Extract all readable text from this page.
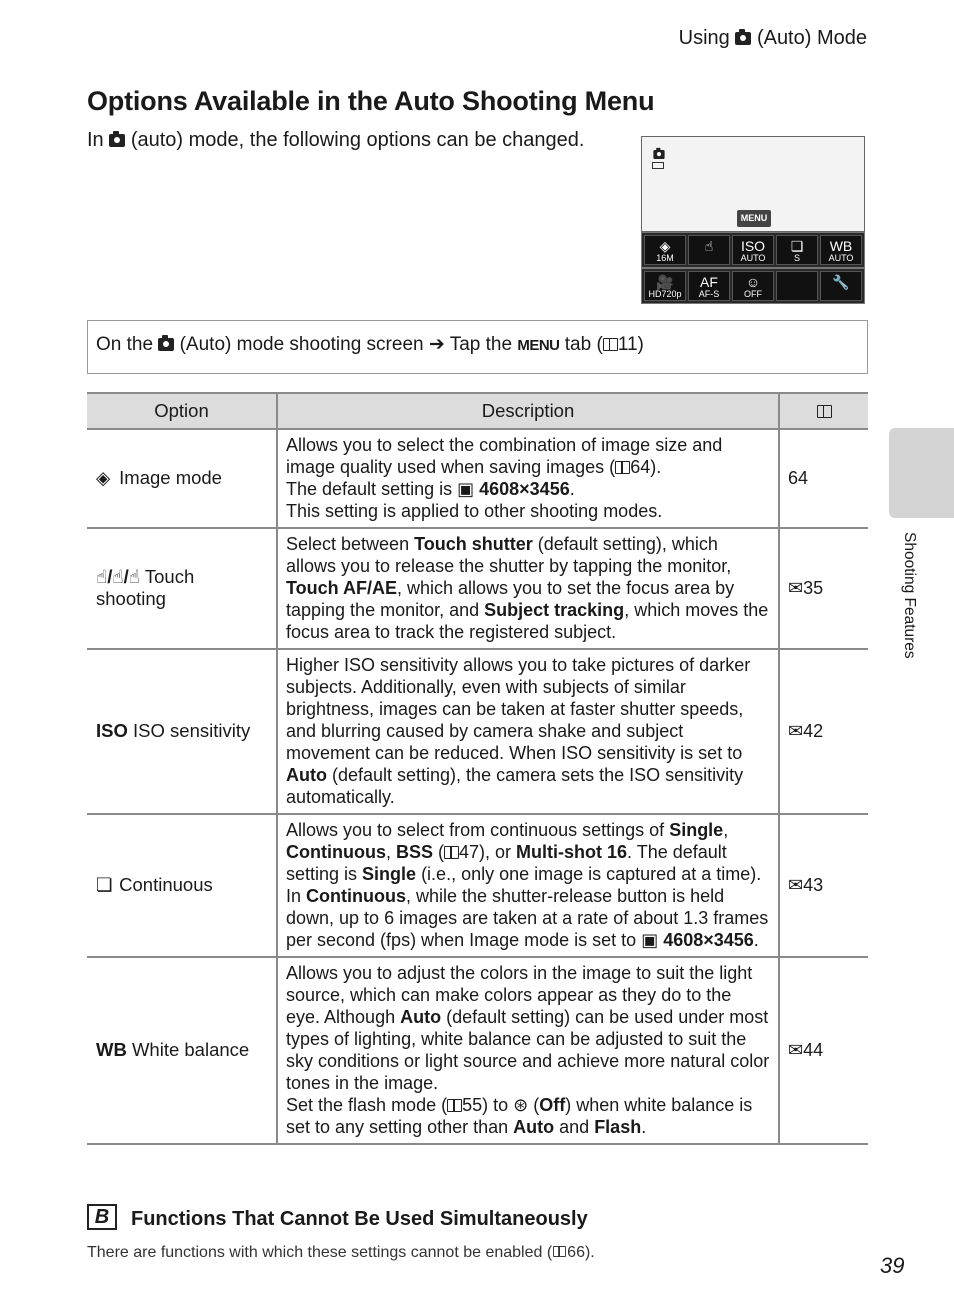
Using (Auto) Mode
Options Available in the Auto Shooting Menu
In (auto) mode, the following options can be changed.
MENU
◈
16M
☝	ISO
AUTO
❏
S
WB
AUTO
🎥
HD720p
AF
AF-S
☺
OFF
🔧
On the (Auto) mode shooting screen ➔ Tap the MENU tab ( 11)
Option	Description	
◈ Image mode	Allows you to select the combination of image size and image quality used when saving images ( 64).
The default setting is ▣ 4608×3456.
This setting is applied to other shooting modes.	64
☝/☝/☝ Touch shooting	Select between Touch shutter (default setting), which allows you to release the shutter by tapping the monitor, Touch AF/AE, which allows you to set the focus area by tapping the monitor, and Subject tracking, which moves the focus area to track the registered subject.	✉35
ISO ISO sensitivity	Higher ISO sensitivity allows you to take pictures of darker subjects. Additionally, even with subjects of similar brightness, images can be taken at faster shutter speeds, and blurring caused by camera shake and subject movement can be reduced. When ISO sensitivity is set to Auto (default setting), the camera sets the ISO sensitivity automatically.	✉42
❏ Continuous	Allows you to select from continuous settings of Single, Continuous, BSS ( 47), or Multi-shot 16. The default setting is Single (i.e., only one image is captured at a time). In Continuous, while the shutter-release button is held down, up to 6 images are taken at a rate of about 1.3 frames per second (fps) when Image mode is set to ▣ 4608×3456.	✉43
WB White balance	Allows you to adjust the colors in the image to suit the light source, which can make colors appear as they do to the eye. Although Auto (default setting) can be used under most types of lighting, white balance can be adjusted to suit the sky conditions or light source and achieve more natural color tones in the image.
Set the flash mode ( 55) to ⊛ (Off) when white balance is set to any setting other than Auto and Flash.	✉44
Shooting Features
B	Functions That Cannot Be Used Simultaneously
There are functions with which these settings cannot be enabled ( 66).
39
